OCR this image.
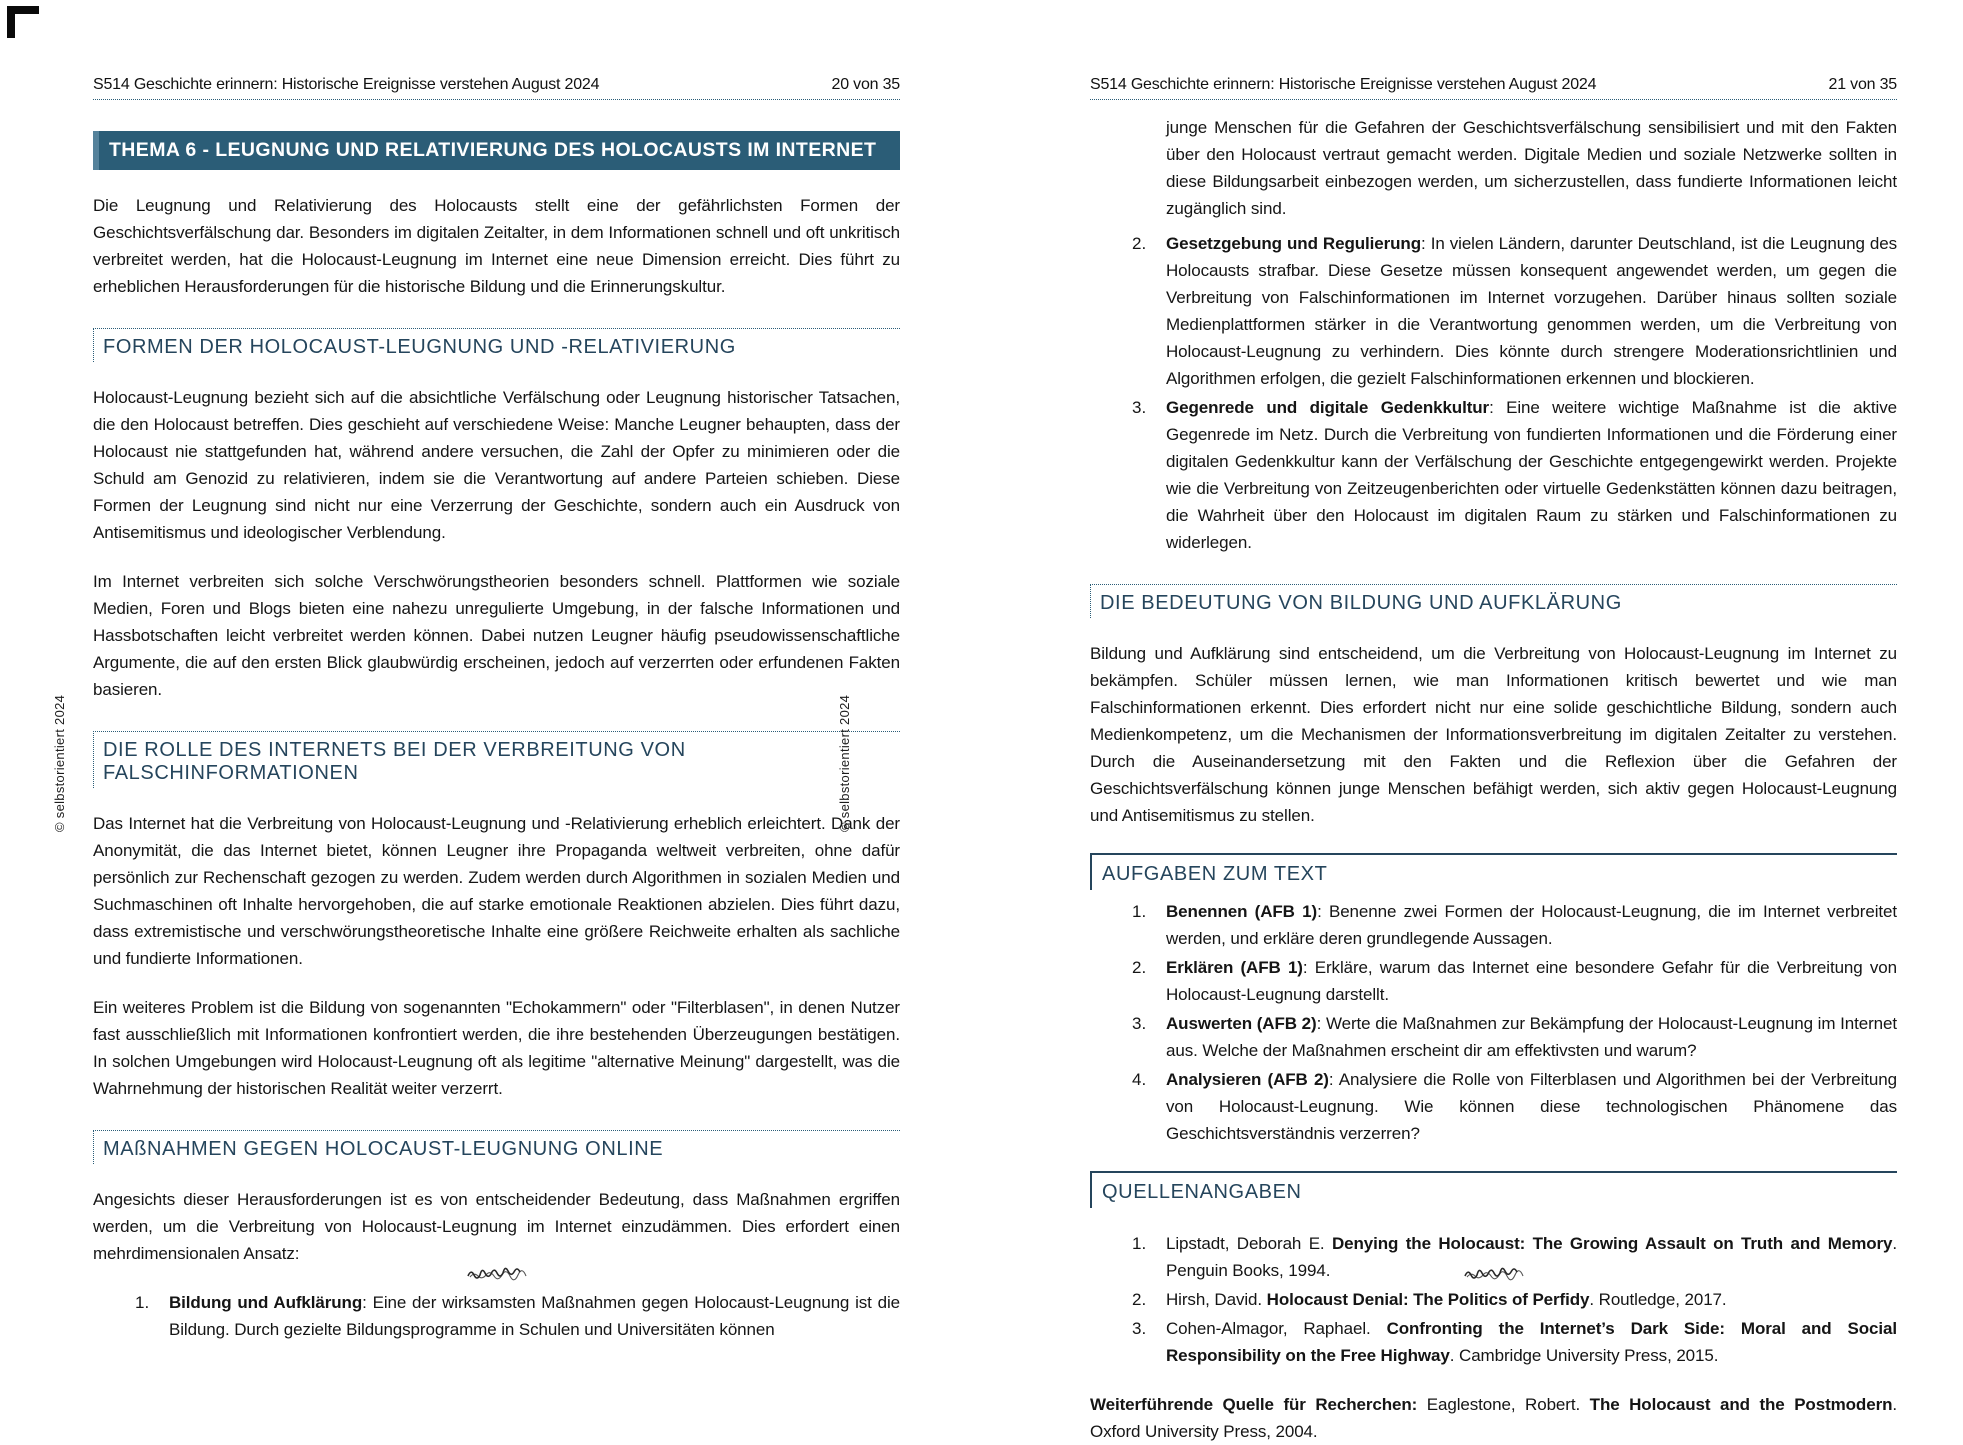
S514 Geschichte erinnern: Historische Ereignisse verstehen August 2024	20 von 35
THEMA 6 - LEUGNUNG UND RELATIVIERUNG DES HOLOCAUSTS IM INTERNET

Die Leugnung und Relativierung des Holocausts stellt eine der gefährlichsten Formen der Geschichtsverfälschung dar. Besonders im digitalen Zeitalter, in dem Informationen schnell und oft unkritisch verbreitet werden, hat die Holocaust-Leugnung im Internet eine neue Dimension erreicht. Dies führt zu erheblichen Herausforderungen für die historische Bildung und die Erinnerungskultur.

FORMEN DER HOLOCAUST-LEUGNUNG UND -RELATIVIERUNG

Holocaust-Leugnung bezieht sich auf die absichtliche Verfälschung oder Leugnung historischer Tatsachen, die den Holocaust betreffen. Dies geschieht auf verschiedene Weise: Manche Leugner behaupten, dass der Holocaust nie stattgefunden hat, während andere versuchen, die Zahl der Opfer zu minimieren oder die Schuld am Genozid zu relativieren, indem sie die Verantwortung auf andere Parteien schieben. Diese Formen der Leugnung sind nicht nur eine Verzerrung der Geschichte, sondern auch ein Ausdruck von Antisemitismus und ideologischer Verblendung.

Im Internet verbreiten sich solche Verschwörungstheorien besonders schnell. Plattformen wie soziale Medien, Foren und Blogs bieten eine nahezu unregulierte Umgebung, in der falsche Informationen und Hassbotschaften leicht verbreitet werden können. Dabei nutzen Leugner häufig pseudowissenschaftliche Argumente, die auf den ersten Blick glaubwürdig erscheinen, jedoch auf verzerrten oder erfundenen Fakten basieren.

DIE ROLLE DES INTERNETS BEI DER VERBREITUNG VON FALSCHINFORMATIONEN

Das Internet hat die Verbreitung von Holocaust-Leugnung und -Relativierung erheblich erleichtert. Dank der Anonymität, die das Internet bietet, können Leugner ihre Propaganda weltweit verbreiten, ohne dafür persönlich zur Rechenschaft gezogen zu werden. Zudem werden durch Algorithmen in sozialen Medien und Suchmaschinen oft Inhalte hervorgehoben, die auf starke emotionale Reaktionen abzielen. Dies führt dazu, dass extremistische und verschwörungstheoretische Inhalte eine größere Reichweite erhalten als sachliche und fundierte Informationen.

Ein weiteres Problem ist die Bildung von sogenannten "Echokammern" oder "Filterblasen", in denen Nutzer fast ausschließlich mit Informationen konfrontiert werden, die ihre bestehenden Überzeugungen bestätigen. In solchen Umgebungen wird Holocaust-Leugnung oft als legitime "alternative Meinung" dargestellt, was die Wahrnehmung der historischen Realität weiter verzerrt.

MAßNAHMEN GEGEN HOLOCAUST-LEUGNUNG ONLINE

Angesichts dieser Herausforderungen ist es von entscheidender Bedeutung, dass Maßnahmen ergriffen werden, um die Verbreitung von Holocaust-Leugnung im Internet einzudämmen. Dies erfordert einen mehrdimensionalen Ansatz:

1.	Bildung und Aufklärung: Eine der wirksamsten Maßnahmen gegen Holocaust-Leugnung ist die Bildung. Durch gezielte Bildungsprogramme in Schulen und Universitäten können
S514 Geschichte erinnern: Historische Ereignisse verstehen August 2024	21 von 35

junge Menschen für die Gefahren der Geschichtsverfälschung sensibilisiert und mit den Fakten über den Holocaust vertraut gemacht werden. Digitale Medien und soziale Netzwerke sollten in diese Bildungsarbeit einbezogen werden, um sicherzustellen, dass fundierte Informationen leicht zugänglich sind.

2.	Gesetzgebung und Regulierung: In vielen Ländern, darunter Deutschland, ist die Leugnung des Holocausts strafbar. Diese Gesetze müssen konsequent angewendet werden, um gegen die Verbreitung von Falschinformationen im Internet vorzugehen. Darüber hinaus sollten soziale Medienplattformen stärker in die Verantwortung genommen werden, um die Verbreitung von Holocaust-Leugnung zu verhindern. Dies könnte durch strengere Moderationsrichtlinien und Algorithmen erfolgen, die gezielt Falschinformationen erkennen und blockieren.
3.	Gegenrede und digitale Gedenkkultur: Eine weitere wichtige Maßnahme ist die aktive Gegenrede im Netz. Durch die Verbreitung von fundierten Informationen und die Förderung einer digitalen Gedenkkultur kann der Verfälschung der Geschichte entgegengewirkt werden. Projekte wie die Verbreitung von Zeitzeugenberichten oder virtuelle Gedenkstätten können dazu beitragen, die Wahrheit über den Holocaust im digitalen Raum zu stärken und Falschinformationen zu widerlegen.
DIE BEDEUTUNG VON BILDUNG UND AUFKLÄRUNG

Bildung und Aufklärung sind entscheidend, um die Verbreitung von Holocaust-Leugnung im Internet zu bekämpfen. Schüler müssen lernen, wie man Informationen kritisch bewertet und wie man Falschinformationen erkennt. Dies erfordert nicht nur eine solide geschichtliche Bildung, sondern auch Medienkompetenz, um die Mechanismen der Informationsverbreitung im digitalen Zeitalter zu verstehen. Durch die Auseinandersetzung mit den Fakten und die Reflexion über die Gefahren der Geschichtsverfälschung können junge Menschen befähigt werden, sich aktiv gegen Holocaust-Leugnung und Antisemitismus zu stellen.

AUFGABEN ZUM TEXT
1.	Benennen (AFB 1): Benenne zwei Formen der Holocaust-Leugnung, die im Internet verbreitet werden, und erkläre deren grundlegende Aussagen.
2.	Erklären (AFB 1): Erkläre, warum das Internet eine besondere Gefahr für die Verbreitung von Holocaust-Leugnung darstellt.
3.	Auswerten (AFB 2): Werte die Maßnahmen zur Bekämpfung der Holocaust-Leugnung im Internet aus. Welche der Maßnahmen erscheint dir am effektivsten und warum?
4.	Analysieren (AFB 2): Analysiere die Rolle von Filterblasen und Algorithmen bei der Verbreitung von Holocaust-Leugnung. Wie können diese technologischen Phänomene das Geschichtsverständnis verzerren?
QUELLENANGABEN
1.	Lipstadt, Deborah E. Denying the Holocaust: The Growing Assault on Truth and Memory. Penguin Books, 1994.
2.	Hirsh, David. Holocaust Denial: The Politics of Perfidy. Routledge, 2017.
3.	Cohen-Almagor, Raphael. Confronting the Internet’s Dark Side: Moral and Social Responsibility on the Free Highway. Cambridge University Press, 2015.

Weiterführende Quelle für Recherchen: Eaglestone, Robert. The Holocaust and the Postmodern. Oxford University Press, 2004.

© selbstorientiert 2024	© selbstorientiert 2024
